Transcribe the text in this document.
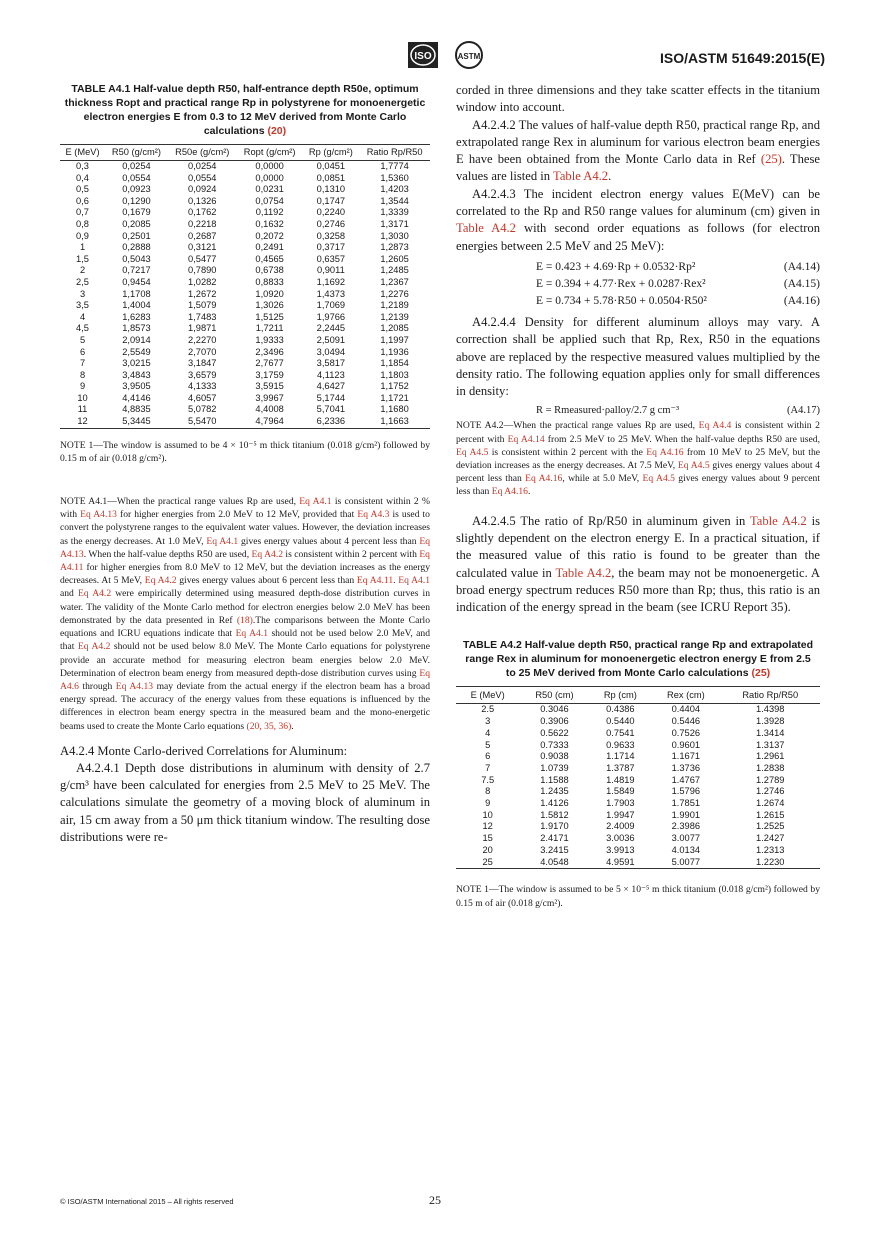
ISO	ASTM	ISO/ASTM 51649:2015(E)
TABLE A4.1 Half-value depth R50, half-entrance depth R50e, optimum thickness Ropt and practical range Rp in polystyrene for monoenergetic electron energies E from 0.3 to 12 MeV derived from Monte Carlo calculations (20)
E (MeV)	R50 (g/cm²)	R50e (g/cm²)	Ropt (g/cm²)	Rp (g/cm²)	Ratio Rp/R50
0,3	0,0254	0,0254	0,0000	0,0451	1,7774
0,4	0,0554	0,0554	0,0000	0,0851	1,5360
0,5	0,0923	0,0924	0,0231	0,1310	1,4203
0,6	0,1290	0,1326	0,0754	0,1747	1,3544
0,7	0,1679	0,1762	0,1192	0,2240	1,3339
0,8	0,2085	0,2218	0,1632	0,2746	1,3171
0,9	0,2501	0,2687	0,2072	0,3258	1,3030
1	0,2888	0,3121	0,2491	0,3717	1,2873
1,5	0,5043	0,5477	0,4565	0,6357	1,2605
2	0,7217	0,7890	0,6738	0,9011	1,2485
2,5	0,9454	1,0282	0,8833	1,1692	1,2367
3	1,1708	1,2672	1,0920	1,4373	1,2276
3,5	1,4004	1,5079	1,3026	1,7069	1,2189
4	1,6283	1,7483	1,5125	1,9766	1,2139
4,5	1,8573	1,9871	1,7211	2,2445	1,2085
5	2,0914	2,2270	1,9333	2,5091	1,1997
6	2,5549	2,7070	2,3496	3,0494	1,1936
7	3,0215	3,1847	2,7677	3,5817	1,1854
8	3,4843	3,6579	3,1759	4,1123	1,1803
9	3,9505	4,1333	3,5915	4,6427	1,1752
10	4,4146	4,6057	3,9967	5,1744	1,1721
11	4,8835	5,0782	4,4008	5,7041	1,1680
12	5,3445	5,5470	4,7964	6,2336	1,1663
NOTE 1—The window is assumed to be 4 × 10⁻⁵ m thick titanium (0.018 g/cm²) followed by 0.15 m of air (0.018 g/cm²).
NOTE A4.1—When the practical range values Rp are used, Eq A4.1 is consistent within 2 % with Eq A4.13 for higher energies from 2.0 MeV to 12 MeV, provided that Eq A4.3 is used to convert the polystyrene ranges to the equivalent water values. However, the deviation increases as the energy decreases. At 1.0 MeV, Eq A4.1 gives energy values about 4 percent less than Eq A4.13. When the half-value depths R50 are used, Eq A4.2 is consistent within 2 percent with Eq A4.11 for higher energies from 8.0 MeV to 12 MeV, but the deviation increases as the energy decreases. At 5 MeV, Eq A4.2 gives energy values about 6 percent less than Eq A4.11. Eq A4.1 and Eq A4.2 were empirically determined using measured depth-dose distribution curves in water. The validity of the Monte Carlo method for electron energies below 2.0 MeV has been demonstrated by the data presented in Ref (18).The comparisons between the Monte Carlo equations and ICRU equations indicate that Eq A4.1 should not be used below 2.0 MeV, and that Eq A4.2 should not be used below 8.0 MeV. The Monte Carlo equations for polystyrene provide an accurate method for measuring electron beam energies below 2.0 MeV. Determination of electron beam energy from measured depth-dose distribution curves using Eq A4.6 through Eq A4.13 may deviate from the actual energy if the electron beam has a broad energy spread. The accuracy of the energy values from these equations is influenced by the differences in electron beam energy spectra in the measured beam and the mono-energetic beams used to create the Monte Carlo equations (20, 35, 36).

A4.2.4 Monte Carlo-derived Correlations for Aluminum:

A4.2.4.1 Depth dose distributions in aluminum with density of 2.7 g/cm³ have been calculated for energies from 2.5 MeV to 25 MeV. The calculations simulate the geometry of a moving block of aluminum in air, 15 cm away from a 50 μm thick titanium window. The resulting dose distributions were re-

corded in three dimensions and they take scatter effects in the titanium window into account.

A4.2.4.2 The values of half-value depth R50, practical range Rp, and extrapolated range Rex in aluminum for various electron beam energies E have been obtained from the Monte Carlo data in Ref (25). These values are listed in Table A4.2.

A4.2.4.3 The incident electron energy values E(MeV) can be correlated to the Rp and R50 range values for aluminum (cm) given in Table A4.2 with second order equations as follows (for electron energies between 2.5 MeV and 25 MeV):

E = 0.423 + 4.69·Rp + 0.0532·Rp²	(A4.14)
E = 0.394 + 4.77·Rex + 0.0287·Rex²	(A4.15)
E = 0.734 + 5.78·R50 + 0.0504·R50²	(A4.16)

A4.2.4.4 Density for different aluminum alloys may vary. A correction shall be applied such that Rp, Rex, R50 in the equations above are replaced by the respective measured values multiplied by the density ratio. The following equation applies only for small differences in density:

R = Rmeasured·ρalloy/2.7 g cm⁻³	(A4.17)
NOTE A4.2—When the practical range values Rp are used, Eq A4.4 is consistent within 2 percent with Eq A4.14 from 2.5 MeV to 25 MeV. When the half-value depths R50 are used, Eq A4.5 is consistent within 2 percent with the Eq A4.16 from 10 MeV to 25 MeV, but the deviation increases as the energy decreases. At 7.5 MeV, Eq A4.5 gives energy values about 4 percent less than Eq A4.16, while at 5.0 MeV, Eq A4.5 gives energy values about 9 percent less than Eq A4.16.

A4.2.4.5 The ratio of Rp/R50 in aluminum given in Table A4.2 is slightly dependent on the electron energy E. In a practical situation, if the measured value of this ratio is found to be greater than the calculated value in Table A4.2, the beam may not be monoenergetic. A broad energy spectrum reduces R50 more than Rp; thus, this ratio is an indication of the energy spread in the beam (see ICRU Report 35).

TABLE A4.2 Half-value depth R50, practical range Rp and extrapolated range Rex in aluminum for monoenergetic electron energy E from 2.5 to 25 MeV derived from Monte Carlo calculations (25)
E (MeV)	R50 (cm)	Rp (cm)	Rex (cm)	Ratio Rp/R50
2.5	0.3046	0.4386	0.4404	1.4398
3	0.3906	0.5440	0.5446	1.3928
4	0.5622	0.7541	0.7526	1.3414
5	0.7333	0.9633	0.9601	1.3137
6	0.9038	1.1714	1.1671	1.2961
7	1.0739	1.3787	1.3736	1.2838
7.5	1.1588	1.4819	1.4767	1.2789
8	1.2435	1.5849	1.5796	1.2746
9	1.4126	1.7903	1.7851	1.2674
10	1.5812	1.9947	1.9901	1.2615
12	1.9170	2.4009	2.3986	1.2525
15	2.4171	3.0036	3.0077	1.2427
20	3.2415	3.9913	4.0134	1.2313
25	4.0548	4.9591	5.0077	1.2230
NOTE 1—The window is assumed to be 5 × 10⁻⁵ m thick titanium (0.018 g/cm²) followed by 0.15 m of air (0.018 g/cm²).
© ISO/ASTM International 2015 – All rights reserved	25
